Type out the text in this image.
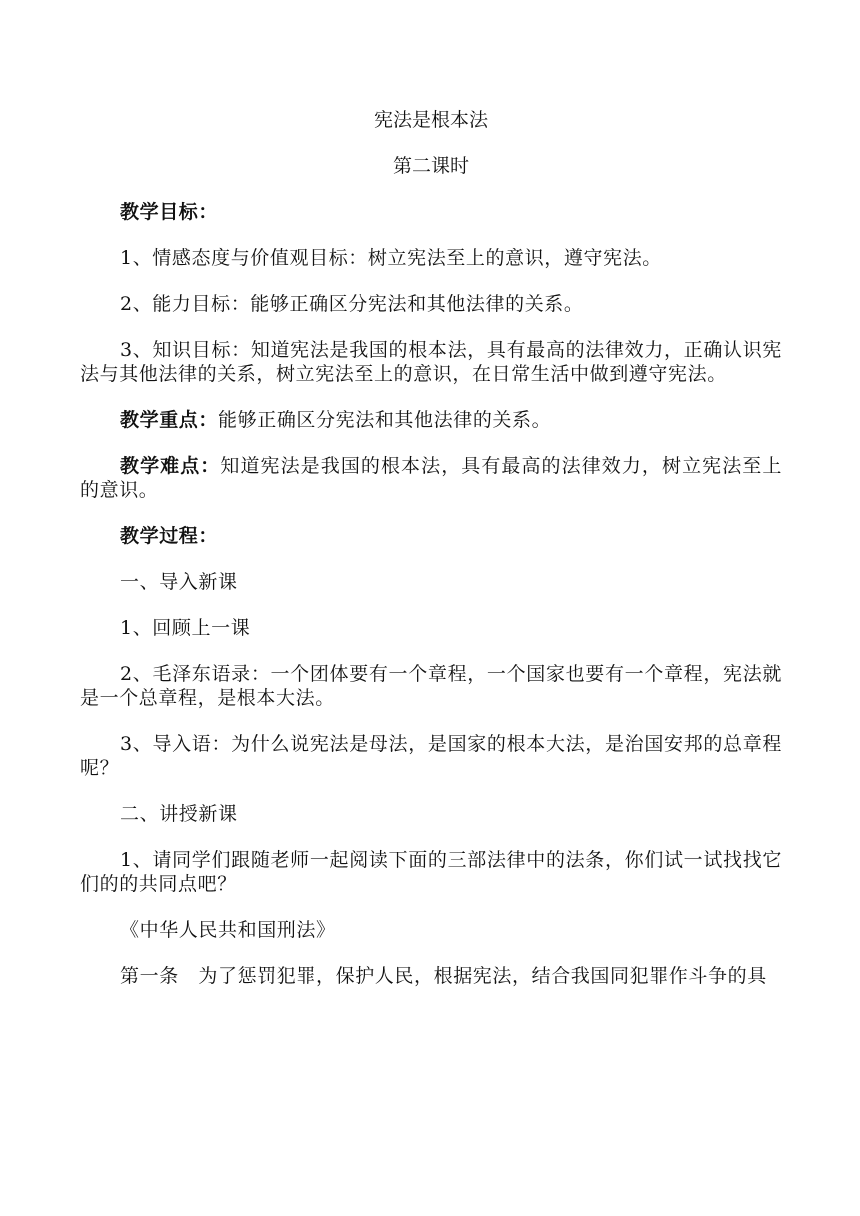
宪法是根本法

第二课时

教学目标：

1、情感态度与价值观目标：树立宪法至上的意识，遵守宪法。

2、能力目标：能够正确区分宪法和其他法律的关系。

3、知识目标：知道宪法是我国的根本法，具有最高的法律效力，正确认识宪法与其他法律的关系，树立宪法至上的意识，在日常生活中做到遵守宪法。

教学重点：能够正确区分宪法和其他法律的关系。

教学难点：知道宪法是我国的根本法，具有最高的法律效力，树立宪法至上的意识。

教学过程：

一、导入新课

1、回顾上一课

2、毛泽东语录：一个团体要有一个章程，一个国家也要有一个章程，宪法就是一个总章程，是根本大法。

3、导入语：为什么说宪法是母法，是国家的根本大法，是治国安邦的总章程呢？

二、讲授新课

1、请同学们跟随老师一起阅读下面的三部法律中的法条，你们试一试找找它们的的共同点吧？

《中华人民共和国刑法》

第一条　为了惩罚犯罪，保护人民，根据宪法，结合我国同犯罪作斗争的具
